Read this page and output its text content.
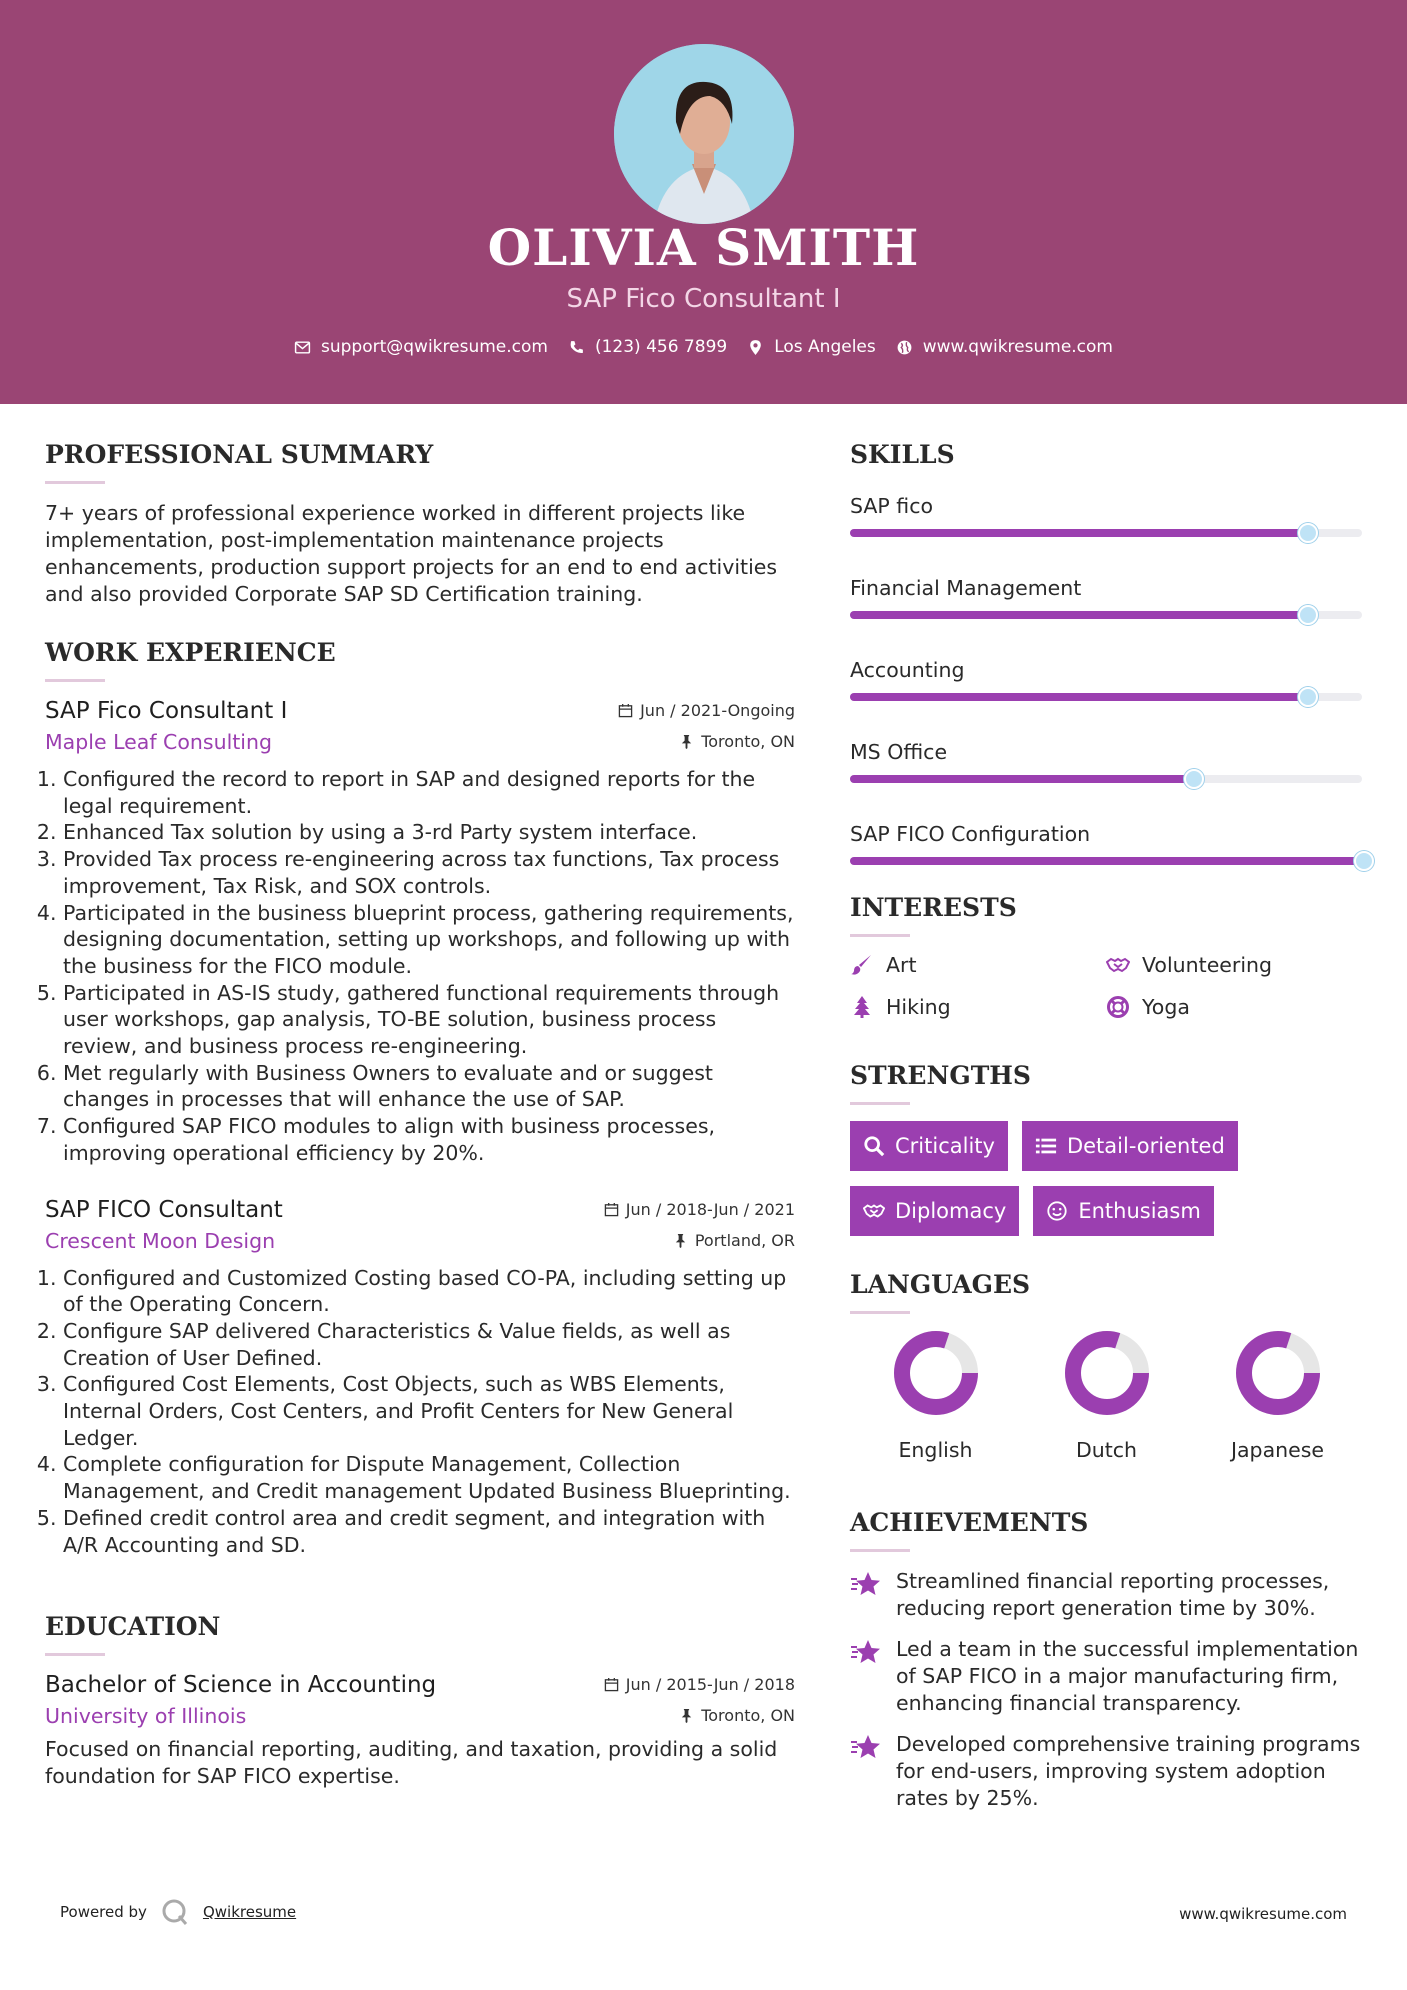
OLIVIA SMITH
SAP Fico Consultant I
support@qwikresume.com	(123) 456 7899	Los Angeles	www.qwikresume.com
PROFESSIONAL SUMMARY
7+ years of professional experience worked in different projects like implementation, post-implementation maintenance projects enhancements, production support projects for an end to end activities and also provided Corporate SAP SD Certification training.
WORK EXPERIENCE
SAP Fico Consultant I	Jun / 2021-Ongoing
Maple Leaf Consulting	Toronto, ON
1. Configured the record to report in SAP and designed reports for the legal requirement.
2. Enhanced Tax solution by using a 3-rd Party system interface.
3. Provided Tax process re-engineering across tax functions, Tax process improvement, Tax Risk, and SOX controls.
4. Participated in the business blueprint process, gathering requirements, designing documentation, setting up workshops, and following up with the business for the FICO module.
5. Participated in AS-IS study, gathered functional requirements through user workshops, gap analysis, TO-BE solution, business process review, and business process re-engineering.
6. Met regularly with Business Owners to evaluate and or suggest changes in processes that will enhance the use of SAP.
7. Configured SAP FICO modules to align with business processes, improving operational efficiency by 20%.
SAP FICO Consultant	Jun / 2018-Jun / 2021
Crescent Moon Design	Portland, OR
1. Configured and Customized Costing based CO-PA, including setting up of the Operating Concern.
2. Configure SAP delivered Characteristics & Value fields, as well as Creation of User Defined.
3. Configured Cost Elements, Cost Objects, such as WBS Elements, Internal Orders, Cost Centers, and Profit Centers for New General Ledger.
4. Complete configuration for Dispute Management, Collection Management, and Credit management Updated Business Blueprinting.
5. Defined credit control area and credit segment, and integration with A/R Accounting and SD.
EDUCATION
Bachelor of Science in Accounting	Jun / 2015-Jun / 2018
University of Illinois	Toronto, ON
Focused on financial reporting, auditing, and taxation, providing a solid foundation for SAP FICO expertise.
SKILLS
SAP fico
Financial Management
Accounting
MS Office
SAP FICO Configuration
INTERESTS
Art	Volunteering
Hiking	Yoga
STRENGTHS
Criticality	Detail-oriented
Diplomacy	Enthusiasm
LANGUAGES
English	Dutch	Japanese
ACHIEVEMENTS
Streamlined financial reporting processes, reducing report generation time by 30%.
Led a team in the successful implementation of SAP FICO in a major manufacturing firm, enhancing financial transparency.
Developed comprehensive training programs for end-users, improving system adoption rates by 25%.
Powered by	Qwikresume	www.qwikresume.com
